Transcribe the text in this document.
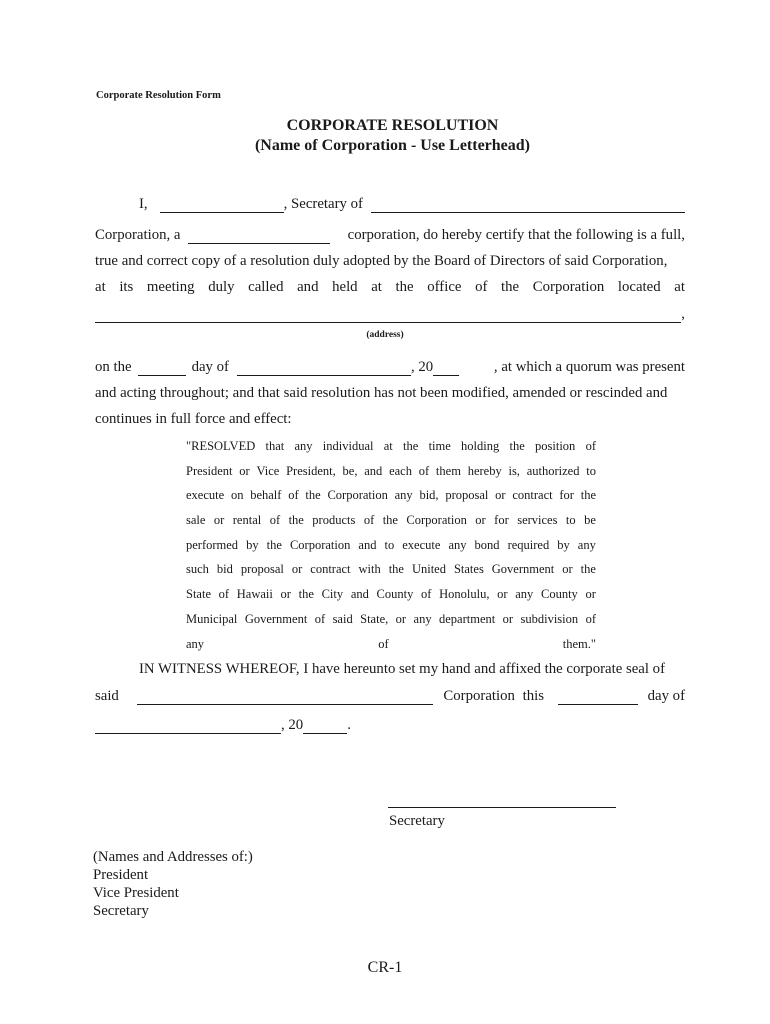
Corporate Resolution Form
CORPORATE RESOLUTION
(Name of Corporation - Use Letterhead)
I,	, Secretary of
Corporation, a	corporation, do hereby certify that the following is a full,
true and correct copy of a resolution duly adopted by the Board of Directors of said Corporation,
at its meeting duly called and held at the office of the Corporation located at
,
(address)
on the	day of	, 20	, at which a quorum was present
and acting throughout; and that said resolution has not been modified, amended or rescinded and
continues in full force and effect:
"RESOLVED that any individual at the time holding the position of
President or Vice President, be, and each of them hereby is, authorized to
execute on behalf of the Corporation any bid, proposal or contract for the
sale or rental of the products of the Corporation or for services to be
performed by the Corporation and to execute any bond required by any
such bid proposal or contract with the United States Government or the
State of Hawaii or the City and County of Honolulu, or any County or
Municipal Government of said State, or any department or subdivision of
any of them."
IN WITNESS WHEREOF, I have hereunto set my hand and affixed the corporate seal of
said	Corporation this	day of
, 20	.
Secretary
(Names and Addresses of:)
President
Vice President
Secretary
CR-1
